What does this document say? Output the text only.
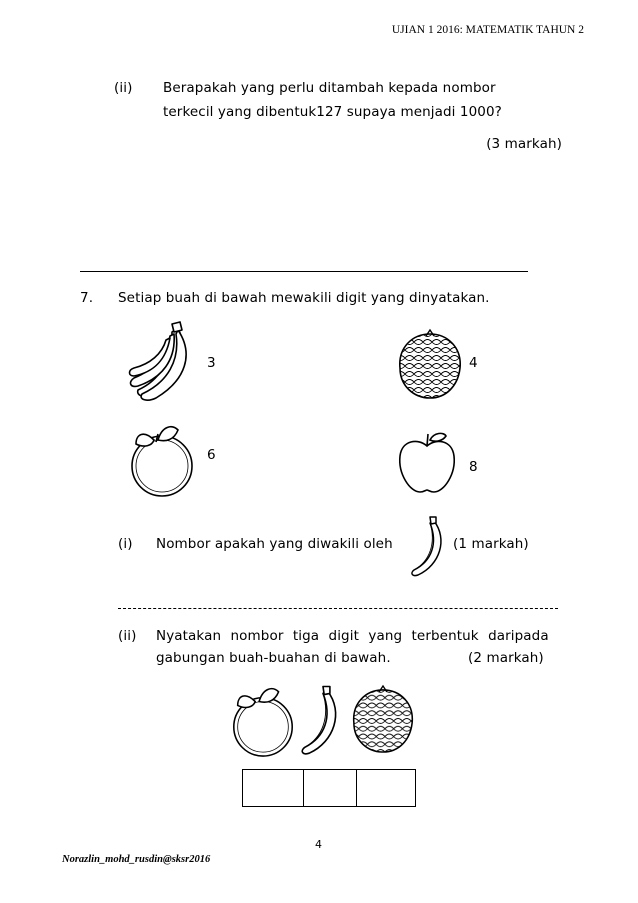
UJIAN 1 2016: MATEMATIK TAHUN 2
(ii) Berapakah yang perlu ditambah kepada nombor
terkecil yang dibentuk127 supaya menjadi 1000?
(3 markah)
7. Setiap buah di bawah mewakili digit yang dinyatakan.
3	4
6
8
(i) Nombor apakah yang diwakili oleh	(1 markah)
(ii) Nyatakan nombor tiga digit yang terbentuk daripada
gabungan buah-buahan di bawah.	(2 markah)
4
Norazlin_mohd_rusdin@sksr2016
